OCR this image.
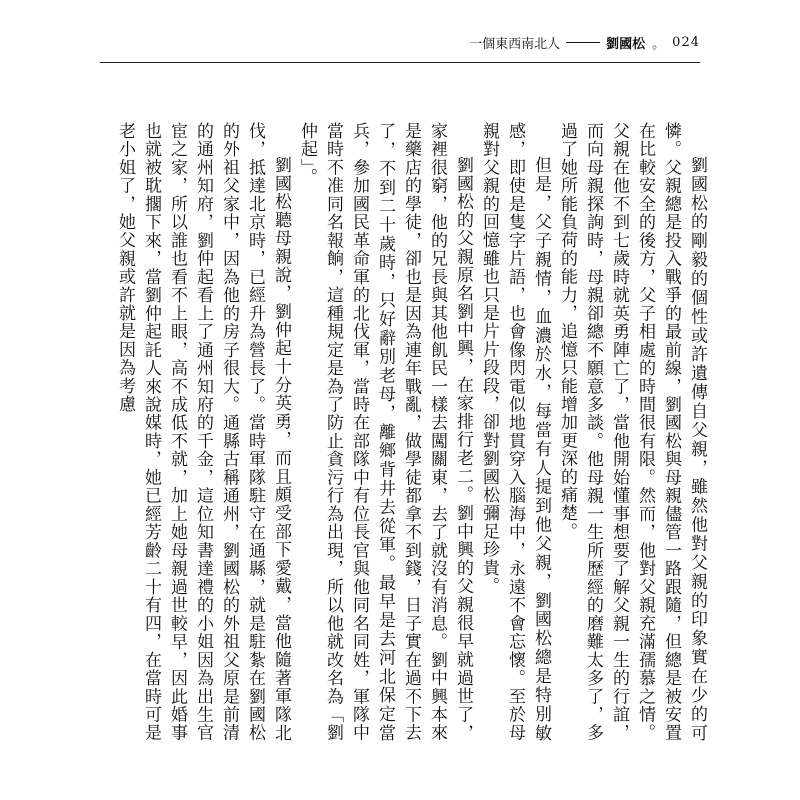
一個東西南北人	劉國松 。 024

劉國松的剛毅的個性或許遺傳自父親，雖然他對父親的印象實在少的可憐。父親總是投入戰爭的最前線，劉國松與母親儘管一路跟隨，但總是被安置在比較安全的後方，父子相處的時間很有限。然而，他對父親充滿孺慕之情。父親在他不到七歲時就英勇陣亡了，當他開始懂事想要了解父親一生的行誼，而向母親探詢時，母親卻總不願意多談。他母親一生所歷經的磨難太多了，多過了她所能負荷的能力，追憶只能增加更深的痛楚。

但是，父子親情，血濃於水，每當有人提到他父親，劉國松總是特別敏感，即使是隻字片語，也會像閃電似地貫穿入腦海中，永遠不會忘懷。至於母親對父親的回憶雖也只是片片段段，卻對劉國松彌足珍貴。

劉國松的父親原名劉中興，在家排行老二。劉中興的父親很早就過世了，家裡很窮，他的兄長與其他飢民一樣去闖關東，去了就沒有消息。劉中興本來是藥店的學徒，卻也是因為連年戰亂，做學徒都拿不到錢，日子實在過不下去了，不到二十歲時，只好辭別老母，離鄉背井去從軍。最早是去河北保定當兵，參加國民革命軍的北伐軍，當時在部隊中有位長官與他同名同姓，軍隊中當時不准同名報餉，這種規定是為了防止貪污行為出現，所以他就改名為「劉仲起」。

劉國松聽母親說，劉仲起十分英勇，而且頗受部下愛戴，當他隨著軍隊北伐，抵達北京時，已經升為營長了。當時軍隊駐守在通縣，就是駐紮在劉國松的外祖父家中，因為他的房子很大。通縣古稱通州，劉國松的外祖父原是前清的通州知府，劉仲起看上了通州知府的千金，這位知書達禮的小姐因為出生官宦之家，所以誰也看不上眼，高不成低不就，加上她母親過世較早，因此婚事也就被耽擱下來，當劉仲起託人來說媒時，她已經芳齡二十有四，在當時可是老小姐了，她父親或許就是因為考慮
